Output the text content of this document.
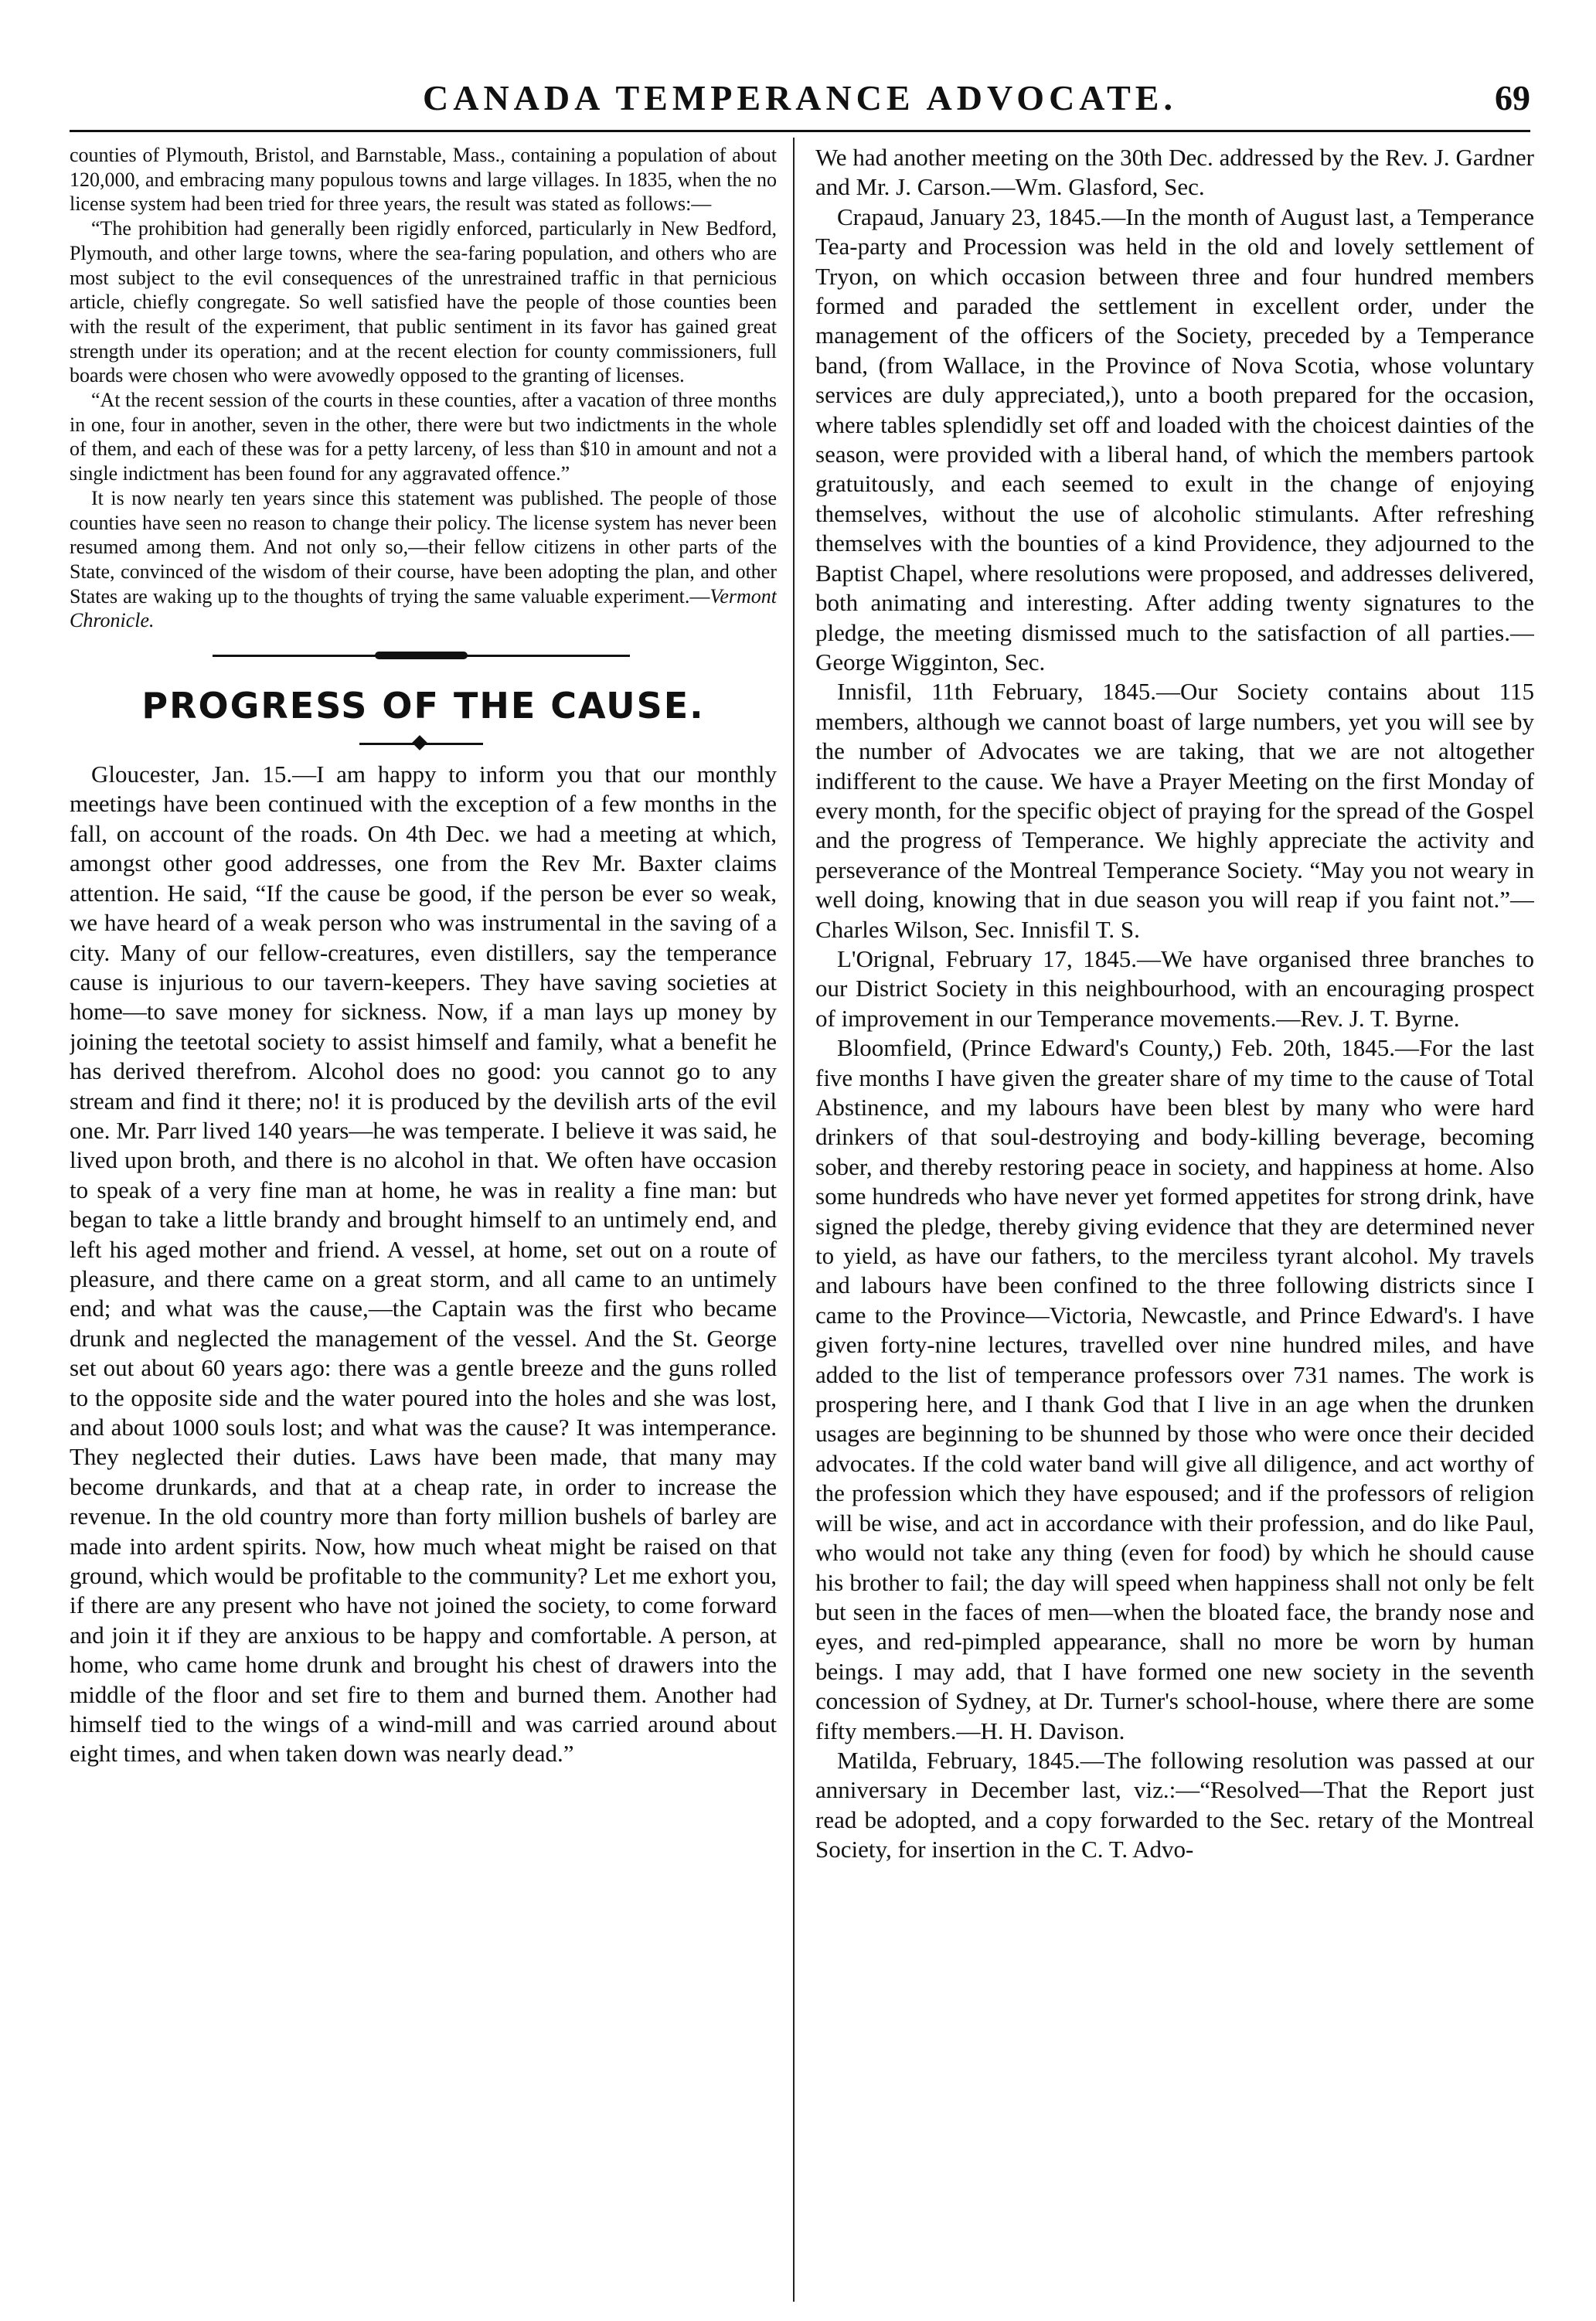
CANADA TEMPERANCE ADVOCATE.	69

counties of Plymouth, Bristol, and Barnstable, Mass., containing a population of about 120,000, and embracing many populous towns and large villages. In 1835, when the no license system had been tried for three years, the result was stated as follows:—

“The prohibition had generally been rigidly enforced, particularly in New Bedford, Plymouth, and other large towns, where the sea-faring population, and others who are most subject to the evil consequences of the unrestrained traffic in that pernicious article, chiefly congregate. So well satisfied have the people of those counties been with the result of the experiment, that public sentiment in its favor has gained great strength under its operation; and at the recent election for county commissioners, full boards were chosen who were avowedly opposed to the granting of licenses.

“At the recent session of the courts in these counties, after a vacation of three months in one, four in another, seven in the other, there were but two indictments in the whole of them, and each of these was for a petty larceny, of less than $10 in amount and not a single indictment has been found for any aggravated offence.”

It is now nearly ten years since this statement was published. The people of those counties have seen no reason to change their policy. The license system has never been resumed among them. And not only so,—their fellow citizens in other parts of the State, convinced of the wisdom of their course, have been adopting the plan, and other States are waking up to the thoughts of trying the same valuable experiment.—Vermont Chronicle.

PROGRESS OF THE CAUSE.

Gloucester, Jan. 15.—I am happy to inform you that our monthly meetings have been continued with the exception of a few months in the fall, on account of the roads. On 4th Dec. we had a meeting at which, amongst other good addresses, one from the Rev Mr. Baxter claims attention. He said, “If the cause be good, if the person be ever so weak, we have heard of a weak person who was instrumental in the saving of a city. Many of our fellow-creatures, even distillers, say the temperance cause is injurious to our tavern-keepers. They have saving societies at home—to save money for sickness. Now, if a man lays up money by joining the teetotal society to assist himself and family, what a benefit he has derived therefrom. Alcohol does no good: you cannot go to any stream and find it there; no! it is produced by the devilish arts of the evil one. Mr. Parr lived 140 years—he was temperate. I believe it was said, he lived upon broth, and there is no alcohol in that. We often have occasion to speak of a very fine man at home, he was in reality a fine man: but began to take a little brandy and brought himself to an untimely end, and left his aged mother and friend. A vessel, at home, set out on a route of pleasure, and there came on a great storm, and all came to an untimely end; and what was the cause,—the Captain was the first who became drunk and neglected the management of the vessel. And the St. George set out about 60 years ago: there was a gentle breeze and the guns rolled to the opposite side and the water poured into the holes and she was lost, and about 1000 souls lost; and what was the cause? It was intemperance. They neglected their duties. Laws have been made, that many may become drunkards, and that at a cheap rate, in order to increase the revenue. In the old country more than forty million bushels of barley are made into ardent spirits. Now, how much wheat might be raised on that ground, which would be profitable to the community? Let me exhort you, if there are any present who have not joined the society, to come forward and join it if they are anxious to be happy and comfortable. A person, at home, who came home drunk and brought his chest of drawers into the middle of the floor and set fire to them and burned them. Another had himself tied to the wings of a wind-mill and was carried around about eight times, and when taken down was nearly dead.”

We had another meeting on the 30th Dec. addressed by the Rev. J. Gardner and Mr. J. Carson.—Wm. Glasford, Sec.

Crapaud, January 23, 1845.—In the month of August last, a Temperance Tea-party and Procession was held in the old and lovely settlement of Tryon, on which occasion between three and four hundred members formed and paraded the settlement in excellent order, under the management of the officers of the Society, preceded by a Temperance band, (from Wallace, in the Province of Nova Scotia, whose voluntary services are duly appreciated,), unto a booth prepared for the occasion, where tables splendidly set off and loaded with the choicest dainties of the season, were provided with a liberal hand, of which the members partook gratuitously, and each seemed to exult in the change of enjoying themselves, without the use of alcoholic stimulants. After refreshing themselves with the bounties of a kind Providence, they adjourned to the Baptist Chapel, where resolutions were proposed, and addresses delivered, both animating and interesting. After adding twenty signatures to the pledge, the meeting dismissed much to the satisfaction of all parties.—George Wigginton, Sec.

Innisfil, 11th February, 1845.—Our Society contains about 115 members, although we cannot boast of large numbers, yet you will see by the number of Advocates we are taking, that we are not altogether indifferent to the cause. We have a Prayer Meeting on the first Monday of every month, for the specific object of praying for the spread of the Gospel and the progress of Temperance. We highly appreciate the activity and perseverance of the Montreal Temperance Society. “May you not weary in well doing, knowing that in due season you will reap if you faint not.”—Charles Wilson, Sec. Innisfil T. S.

L'Orignal, February 17, 1845.—We have organised three branches to our District Society in this neighbourhood, with an encouraging prospect of improvement in our Temperance movements.—Rev. J. T. Byrne.

Bloomfield, (Prince Edward's County,) Feb. 20th, 1845.—For the last five months I have given the greater share of my time to the cause of Total Abstinence, and my labours have been blest by many who were hard drinkers of that soul-destroying and body-killing beverage, becoming sober, and thereby restoring peace in society, and happiness at home. Also some hundreds who have never yet formed appetites for strong drink, have signed the pledge, thereby giving evidence that they are determined never to yield, as have our fathers, to the merciless tyrant alcohol. My travels and labours have been confined to the three following districts since I came to the Province—Victoria, Newcastle, and Prince Edward's. I have given forty-nine lectures, travelled over nine hundred miles, and have added to the list of temperance professors over 731 names. The work is prospering here, and I thank God that I live in an age when the drunken usages are beginning to be shunned by those who were once their decided advocates. If the cold water band will give all diligence, and act worthy of the profession which they have espoused; and if the professors of religion will be wise, and act in accordance with their profession, and do like Paul, who would not take any thing (even for food) by which he should cause his brother to fail; the day will speed when happiness shall not only be felt but seen in the faces of men—when the bloated face, the brandy nose and eyes, and red-pimpled appearance, shall no more be worn by human beings. I may add, that I have formed one new society in the seventh concession of Sydney, at Dr. Turner's school-house, where there are some fifty members.—H. H. Davison.

Matilda, February, 1845.—The following resolution was passed at our anniversary in December last, viz.:—“Resolved—That the Report just read be adopted, and a copy forwarded to the Sec. retary of the Montreal Society, for insertion in the C. T. Advo-
